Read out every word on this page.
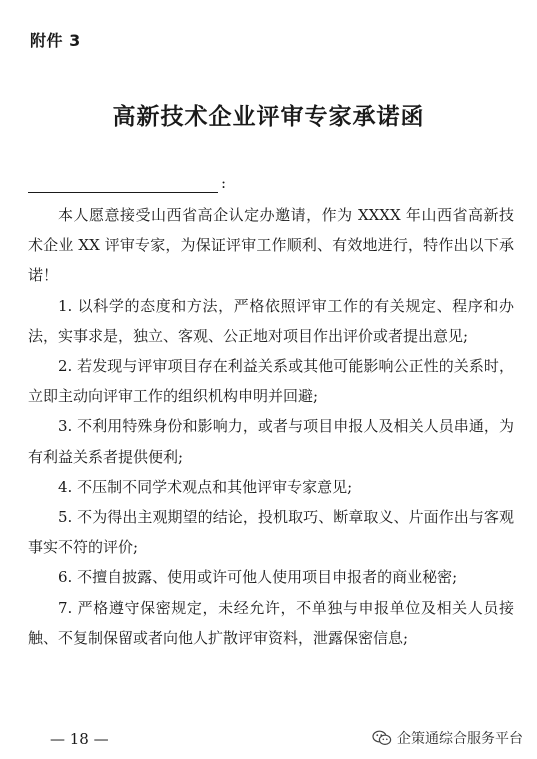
附件 3
高新技术企业评审专家承诺函
:

本人愿意接受山西省高企认定办邀请，作为 XXXX 年山西省高新技术企业 XX 评审专家，为保证评审工作顺利、有效地进行，特作出以下承诺！

1. 以科学的态度和方法，严格依照评审工作的有关规定、程序和办法，实事求是，独立、客观、公正地对项目作出评价或者提出意见;

2. 若发现与评审项目存在利益关系或其他可能影响公正性的关系时，立即主动向评审工作的组织机构申明并回避;

3. 不利用特殊身份和影响力，或者与项目申报人及相关人员串通，为有利益关系者提供便利;

4. 不压制不同学术观点和其他评审专家意见;

5. 不为得出主观期望的结论，投机取巧、断章取义、片面作出与客观事实不符的评价;

6. 不擅自披露、使用或许可他人使用项目申报者的商业秘密;

7. 严格遵守保密规定，未经允许，不单独与申报单位及相关人员接触、不复制保留或者向他人扩散评审资料，泄露保密信息;

— 18 —	企策通综合服务平台
